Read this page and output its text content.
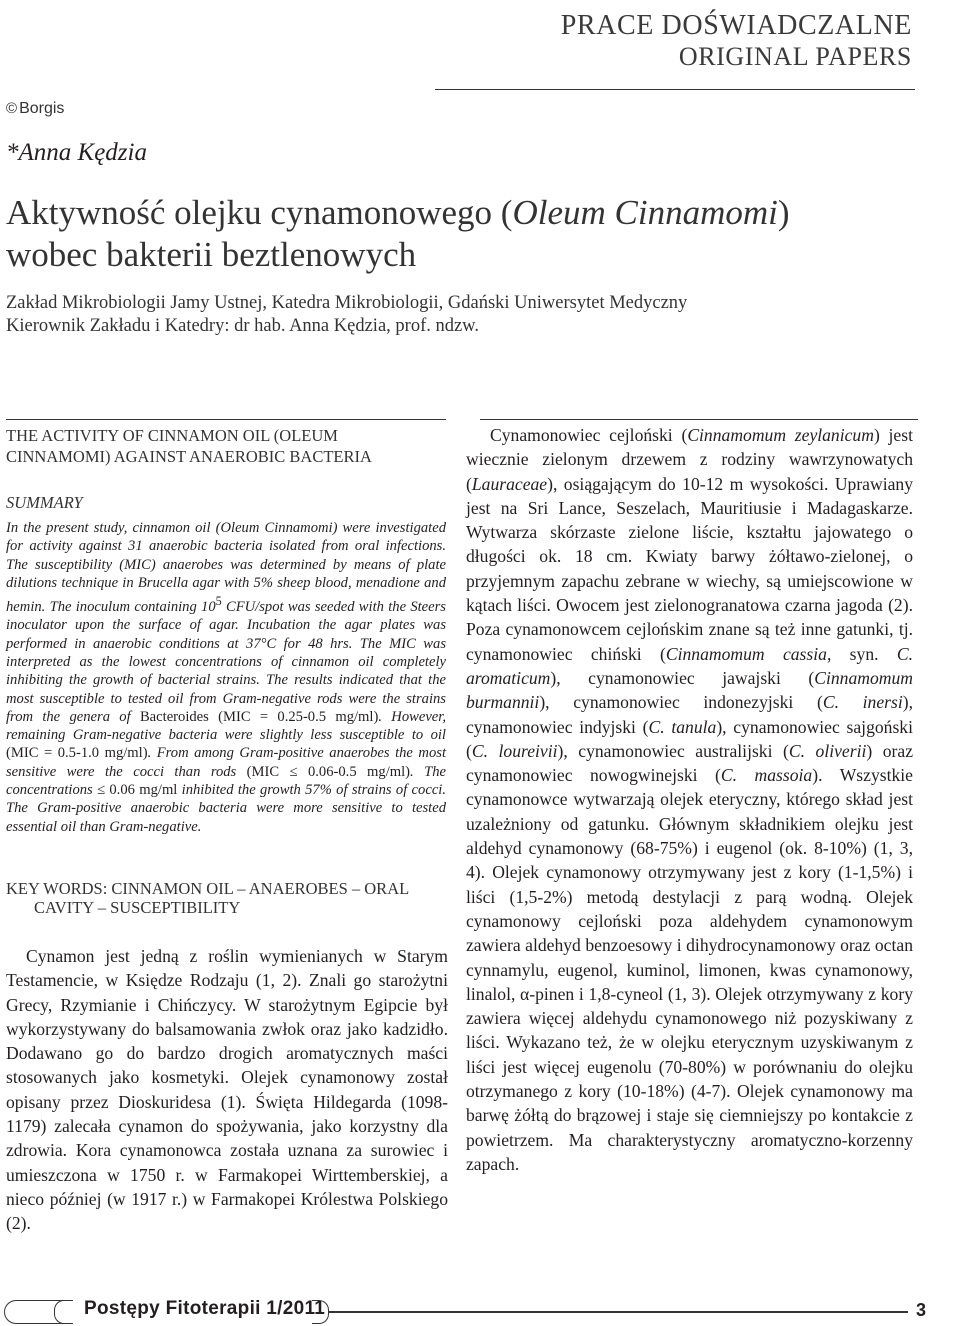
PRACE DOŚWIADCZALNE
ORIGINAL PAPERS
© Borgis
*Anna Kędzia
Aktywność olejku cynamonowego (Oleum Cinnamomi)
wobec bakterii beztlenowych
Zakład Mikrobiologii Jamy Ustnej, Katedra Mikrobiologii, Gdański Uniwersytet Medyczny
Kierownik Zakładu i Katedry: dr hab. Anna Kędzia, prof. ndzw.
THE ACTIVITY OF CINNAMON OIL (OLEUM CINNAMOMI) AGAINST ANAEROBIC BACTERIA
SUMMARY
In the present study, cinnamon oil (Oleum Cinnamomi) were investigated for activity against 31 anaerobic bacteria isolated from oral infections. The susceptibility (MIC) anaerobes was determined by means of plate dilutions technique in Brucella agar with 5% sheep blood, menadione and hemin. The inoculum containing $10^5$ CFU/spot was seeded with the Steers inoculator upon the surface of agar. Incubation the agar plates was performed in anaerobic conditions at 37°C for 48 hrs. The MIC was interpreted as the lowest concentrations of cinnamon oil completely inhibiting the growth of bacterial strains. The results indicated that the most susceptible to tested oil from Gram-negative rods were the strains from the genera of Bacteroides (MIC = 0.25-0.5 mg/ml). However, remaining Gram-negative bacteria were slightly less susceptible to oil (MIC = 0.5-1.0 mg/ml). From among Gram-positive anaerobes the most sensitive were the cocci than rods (MIC ≤ 0.06-0.5 mg/ml). The concentrations ≤ 0.06 mg/ml inhibited the growth 57% of strains of cocci. The Gram-positive anaerobic bacteria were more sensitive to tested essential oil than Gram-negative.
KEY WORDS: CINNAMON OIL – ANAEROBES – ORAL
CAVITY – SUSCEPTIBILITY

Cynamon jest jedną z roślin wymienianych w Starym Testamencie, w Księdze Rodzaju (1, 2). Znali go starożytni Grecy, Rzymianie i Chińczycy. W starożytnym Egipcie był wykorzystywany do balsamowania zwłok oraz jako kadzidło. Dodawano go do bardzo drogich aromatycznych maści stosowanych jako kosmetyki. Olejek cynamonowy został opisany przez Dioskuridesa (1). Święta Hildegarda (1098-1179) zalecała cynamon do spożywania, jako korzystny dla zdrowia. Kora cynamonowca została uznana za surowiec i umieszczona w 1750 r. w Farmakopei Wirttemberskiej, a nieco później (w 1917 r.) w Farmakopei Królestwa Polskiego (2).

Cynamonowiec cejloński (Cinnamomum zeylanicum) jest wiecznie zielonym drzewem z rodziny wawrzynowatych (Lauraceae), osiągającym do 10-12 m wysokości. Uprawiany jest na Sri Lance, Seszelach, Mauritiusie i Madagaskarze. Wytwarza skórzaste zielone liście, kształtu jajowatego o długości ok. 18 cm. Kwiaty barwy żółtawo-zielonej, o przyjemnym zapachu zebrane w wiechy, są umiejscowione w kątach liści. Owocem jest zielonogranatowa czarna jagoda (2). Poza cynamonowcem cejlońskim znane są też inne gatunki, tj. cynamonowiec chiński (Cinnamomum cassia, syn. C. aromaticum), cynamonowiec jawajski (Cinnamomum burmannii), cynamonowiec indonezyjski (C. inersi), cynamonowiec indyjski (C. tanula), cynamonowiec sajgoński (C. loureivii), cynamonowiec australijski (C. oliverii) oraz cynamonowiec nowogwinejski (C. massoia). Wszystkie cynamonowce wytwarzają olejek eteryczny, którego skład jest uzależniony od gatunku. Głównym składnikiem olejku jest aldehyd cynamonowy (68-75%) i eugenol (ok. 8-10%) (1, 3, 4). Olejek cynamonowy otrzymywany jest z kory (1-1,5%) i liści (1,5-2%) metodą destylacji z parą wodną. Olejek cynamonowy cejloński poza aldehydem cynamonowym zawiera aldehyd benzoesowy i dihydrocynamonowy oraz octan cynnamylu, eugenol, kuminol, limonen, kwas cynamonowy, linalol, α-pinen i 1,8-cyneol (1, 3). Olejek otrzymywany z kory zawiera więcej aldehydu cynamonowego niż pozyskiwany z liści. Wykazano też, że w olejku eterycznym uzyskiwanym z liści jest więcej eugenolu (70-80%) w porównaniu do olejku otrzymanego z kory (10-18%) (4-7). Olejek cynamonowy ma barwę żółtą do brązowej i staje się ciemniejszy po kontakcie z powietrzem. Ma charakterystyczny aromatyczno-korzenny zapach.

Postępy Fitoterapii 1/2011	3
